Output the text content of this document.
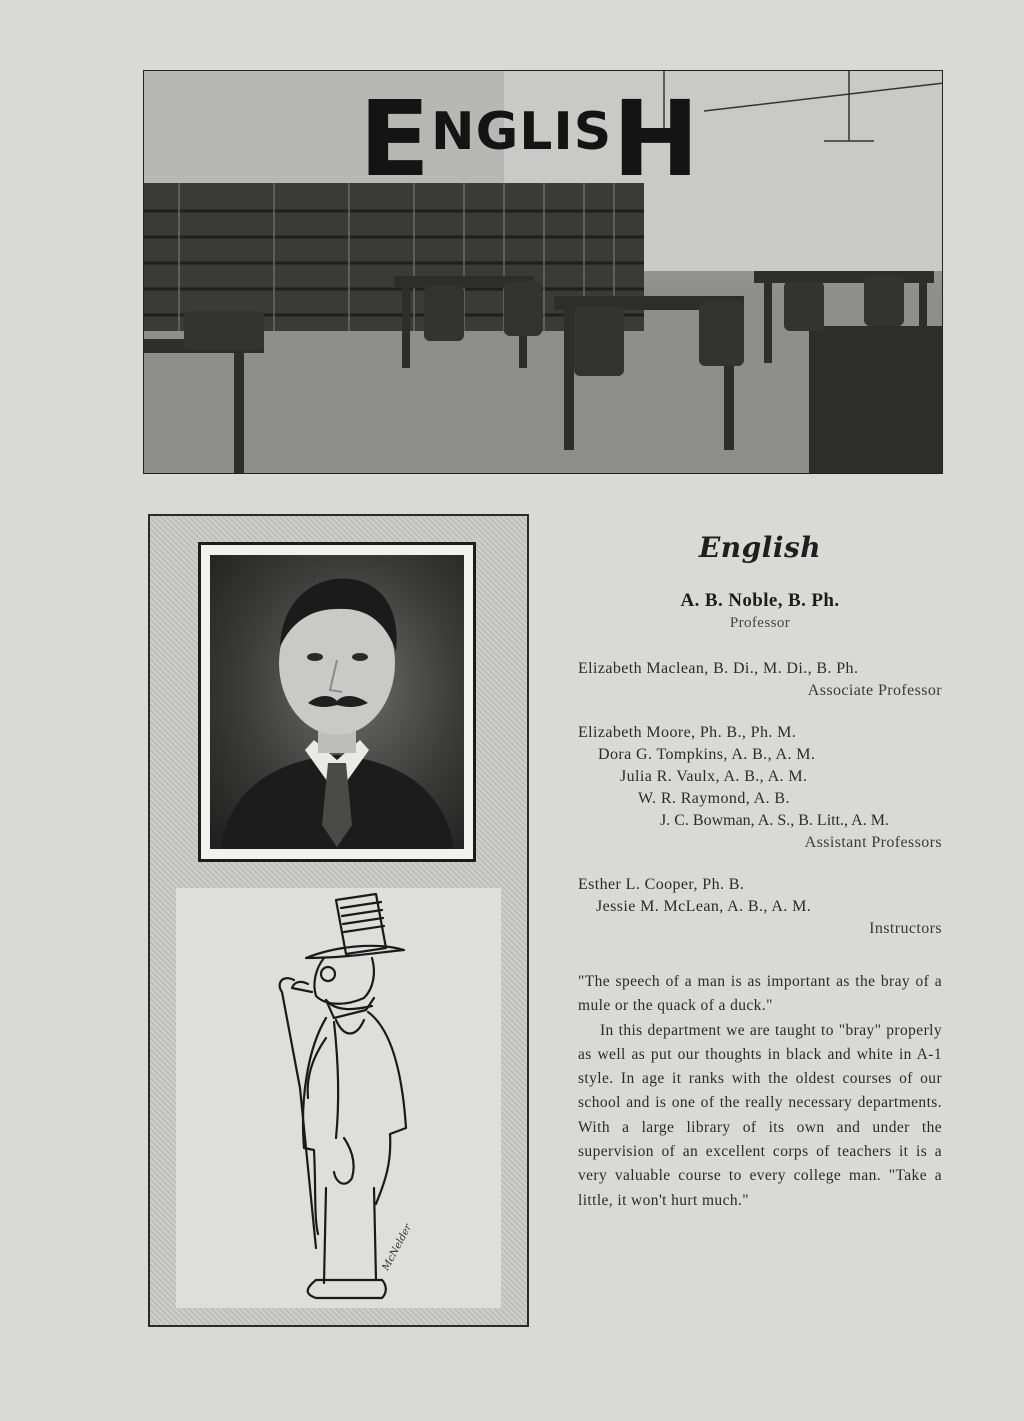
ENGLISH
McNelder
English
A. B. Noble, B. Ph.
Professor
Elizabeth Maclean, B. Di., M. Di., B. Ph.
Associate Professor
Elizabeth Moore, Ph. B., Ph. M.
Dora G. Tompkins, A. B., A. M.
Julia R. Vaulx, A. B., A. M.
W. R. Raymond, A. B.
J. C. Bowman, A. S., B. Litt., A. M.
Assistant Professors
Esther L. Cooper, Ph. B.
Jessie M. McLean, A. B., A. M.
Instructors

"The speech of a man is as important as the bray of a mule or the quack of a duck."

In this department we are taught to "bray" properly as well as put our thoughts in black and white in A-1 style. In age it ranks with the oldest courses of our school and is one of the really necessary departments. With a large library of its own and under the supervision of an excellent corps of teachers it is a very valuable course to every college man. "Take a little, it won't hurt much."
